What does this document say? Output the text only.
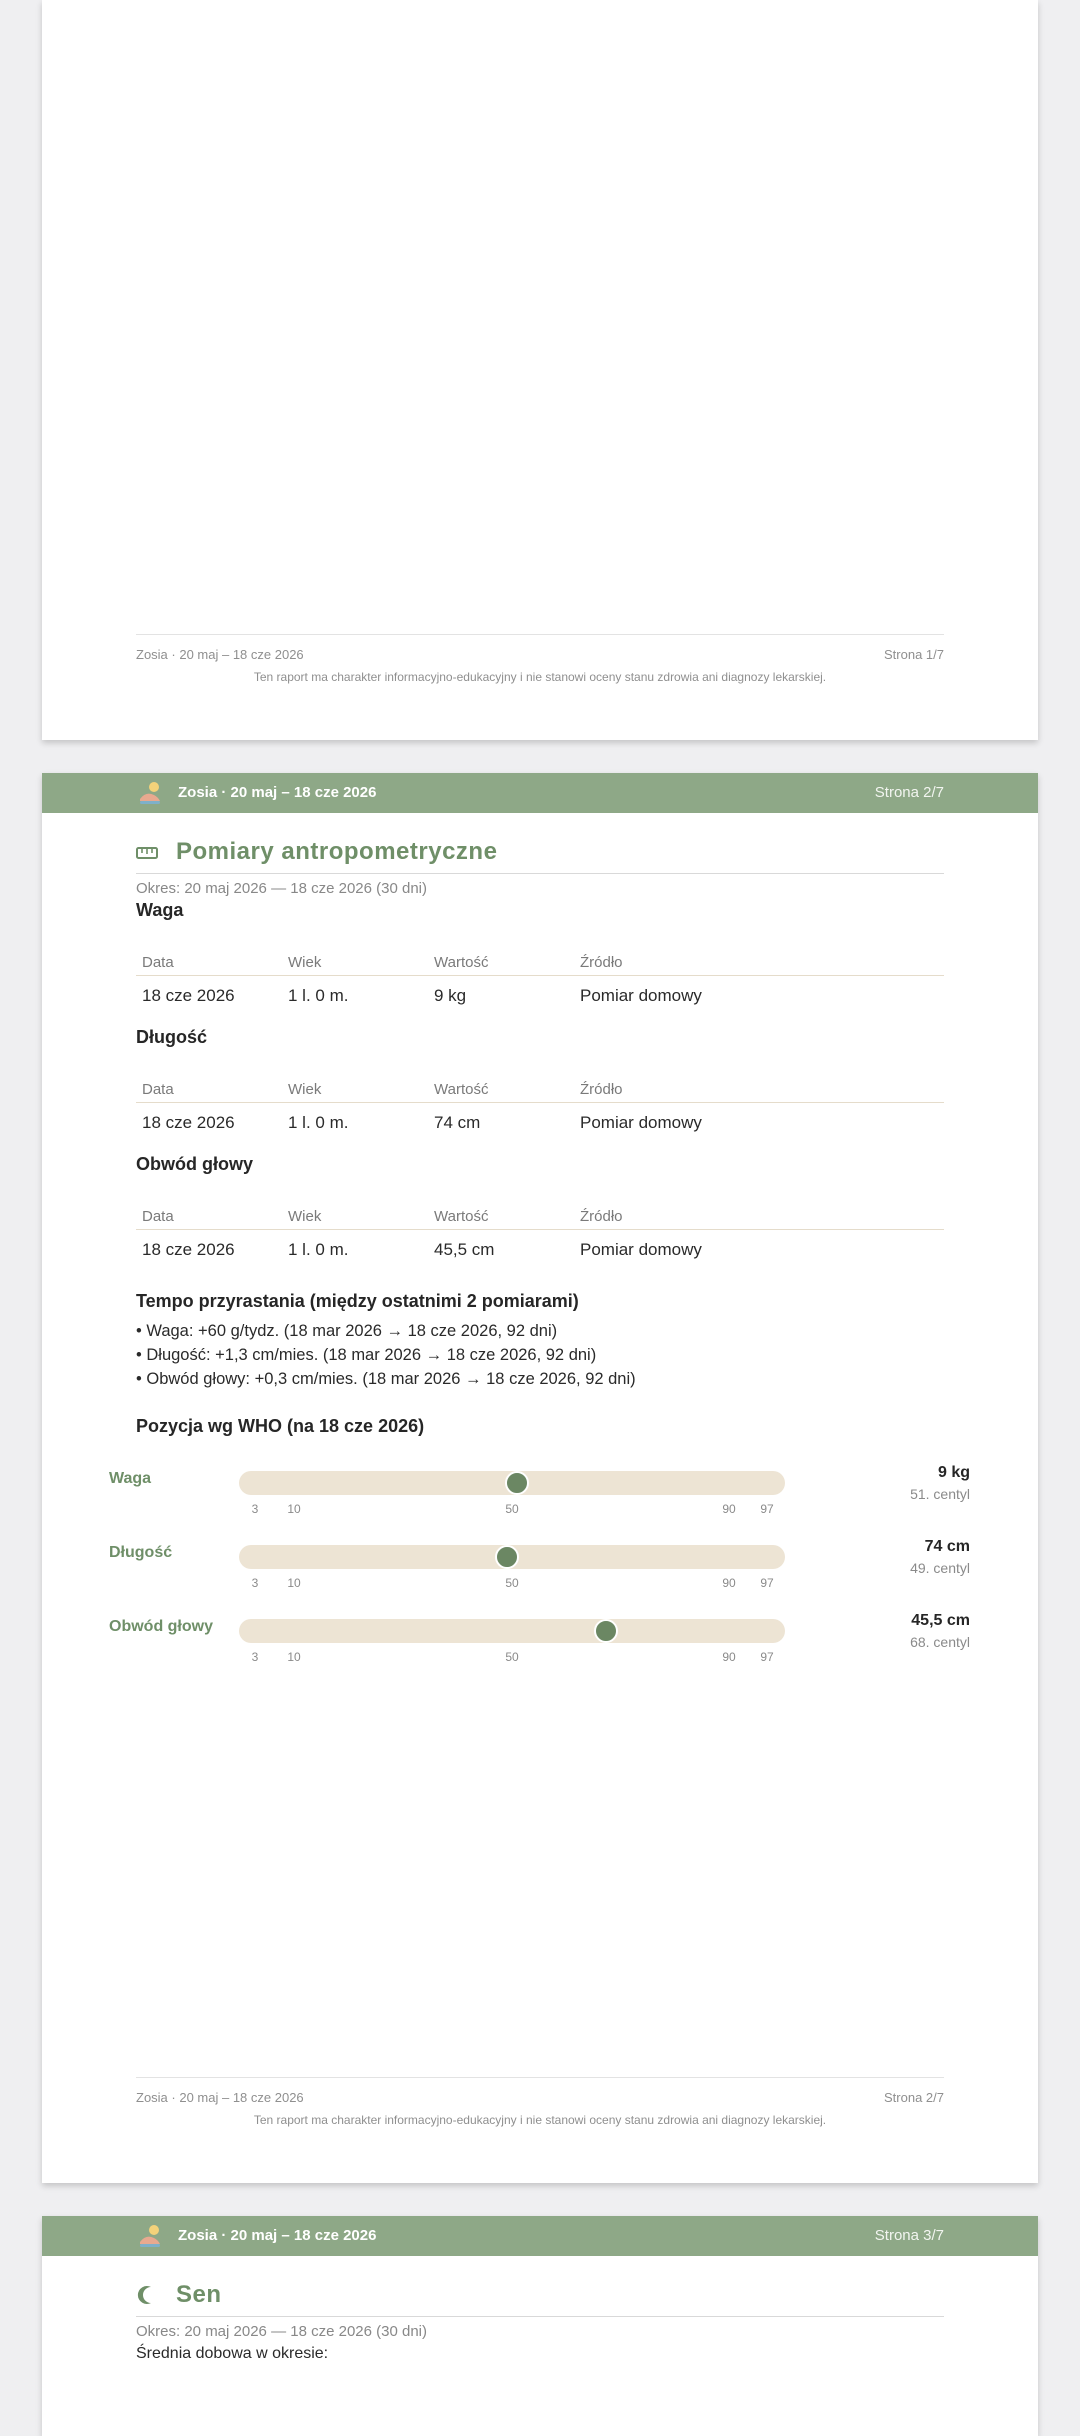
Zosia · 20 maj – 18 cze 2026	Strona 1/7
Ten raport ma charakter informacyjno-edukacyjny i nie stanowi oceny stanu zdrowia ani diagnozy lekarskiej.
Zosia · 20 maj – 18 cze 2026	Strona 2/7
Pomiary antropometryczne
Okres: 20 maj 2026 — 18 cze 2026 (30 dni)
Waga
Data	Wiek	Wartość	Źródło
18 cze 2026	1 l. 0 m.	9 kg	Pomiar domowy
Długość
Data	Wiek	Wartość	Źródło
18 cze 2026	1 l. 0 m.	74 cm	Pomiar domowy
Obwód głowy
Data	Wiek	Wartość	Źródło
18 cze 2026	1 l. 0 m.	45,5 cm	Pomiar domowy
Tempo przyrastania (między ostatnimi 2 pomiarami)
• Waga: +60 g/tydz. (18 mar 2026 → 18 cze 2026, 92 dni)
• Długość: +1,3 cm/mies. (18 mar 2026 → 18 cze 2026, 92 dni)
• Obwód głowy: +0,3 cm/mies. (18 mar 2026 → 18 cze 2026, 92 dni)
Pozycja wg WHO (na 18 cze 2026)
Waga
3 10	50	90 97
9 kg
51. centyl
Długość
3 10	50	90 97
74 cm
49. centyl
Obwód głowy
3 10	50	90 97
45,5 cm
68. centyl
Zosia · 20 maj – 18 cze 2026	Strona 2/7
Ten raport ma charakter informacyjno-edukacyjny i nie stanowi oceny stanu zdrowia ani diagnozy lekarskiej.
Zosia · 20 maj – 18 cze 2026	Strona 3/7
Sen
Okres: 20 maj 2026 — 18 cze 2026 (30 dni)
Średnia dobowa w okresie:
